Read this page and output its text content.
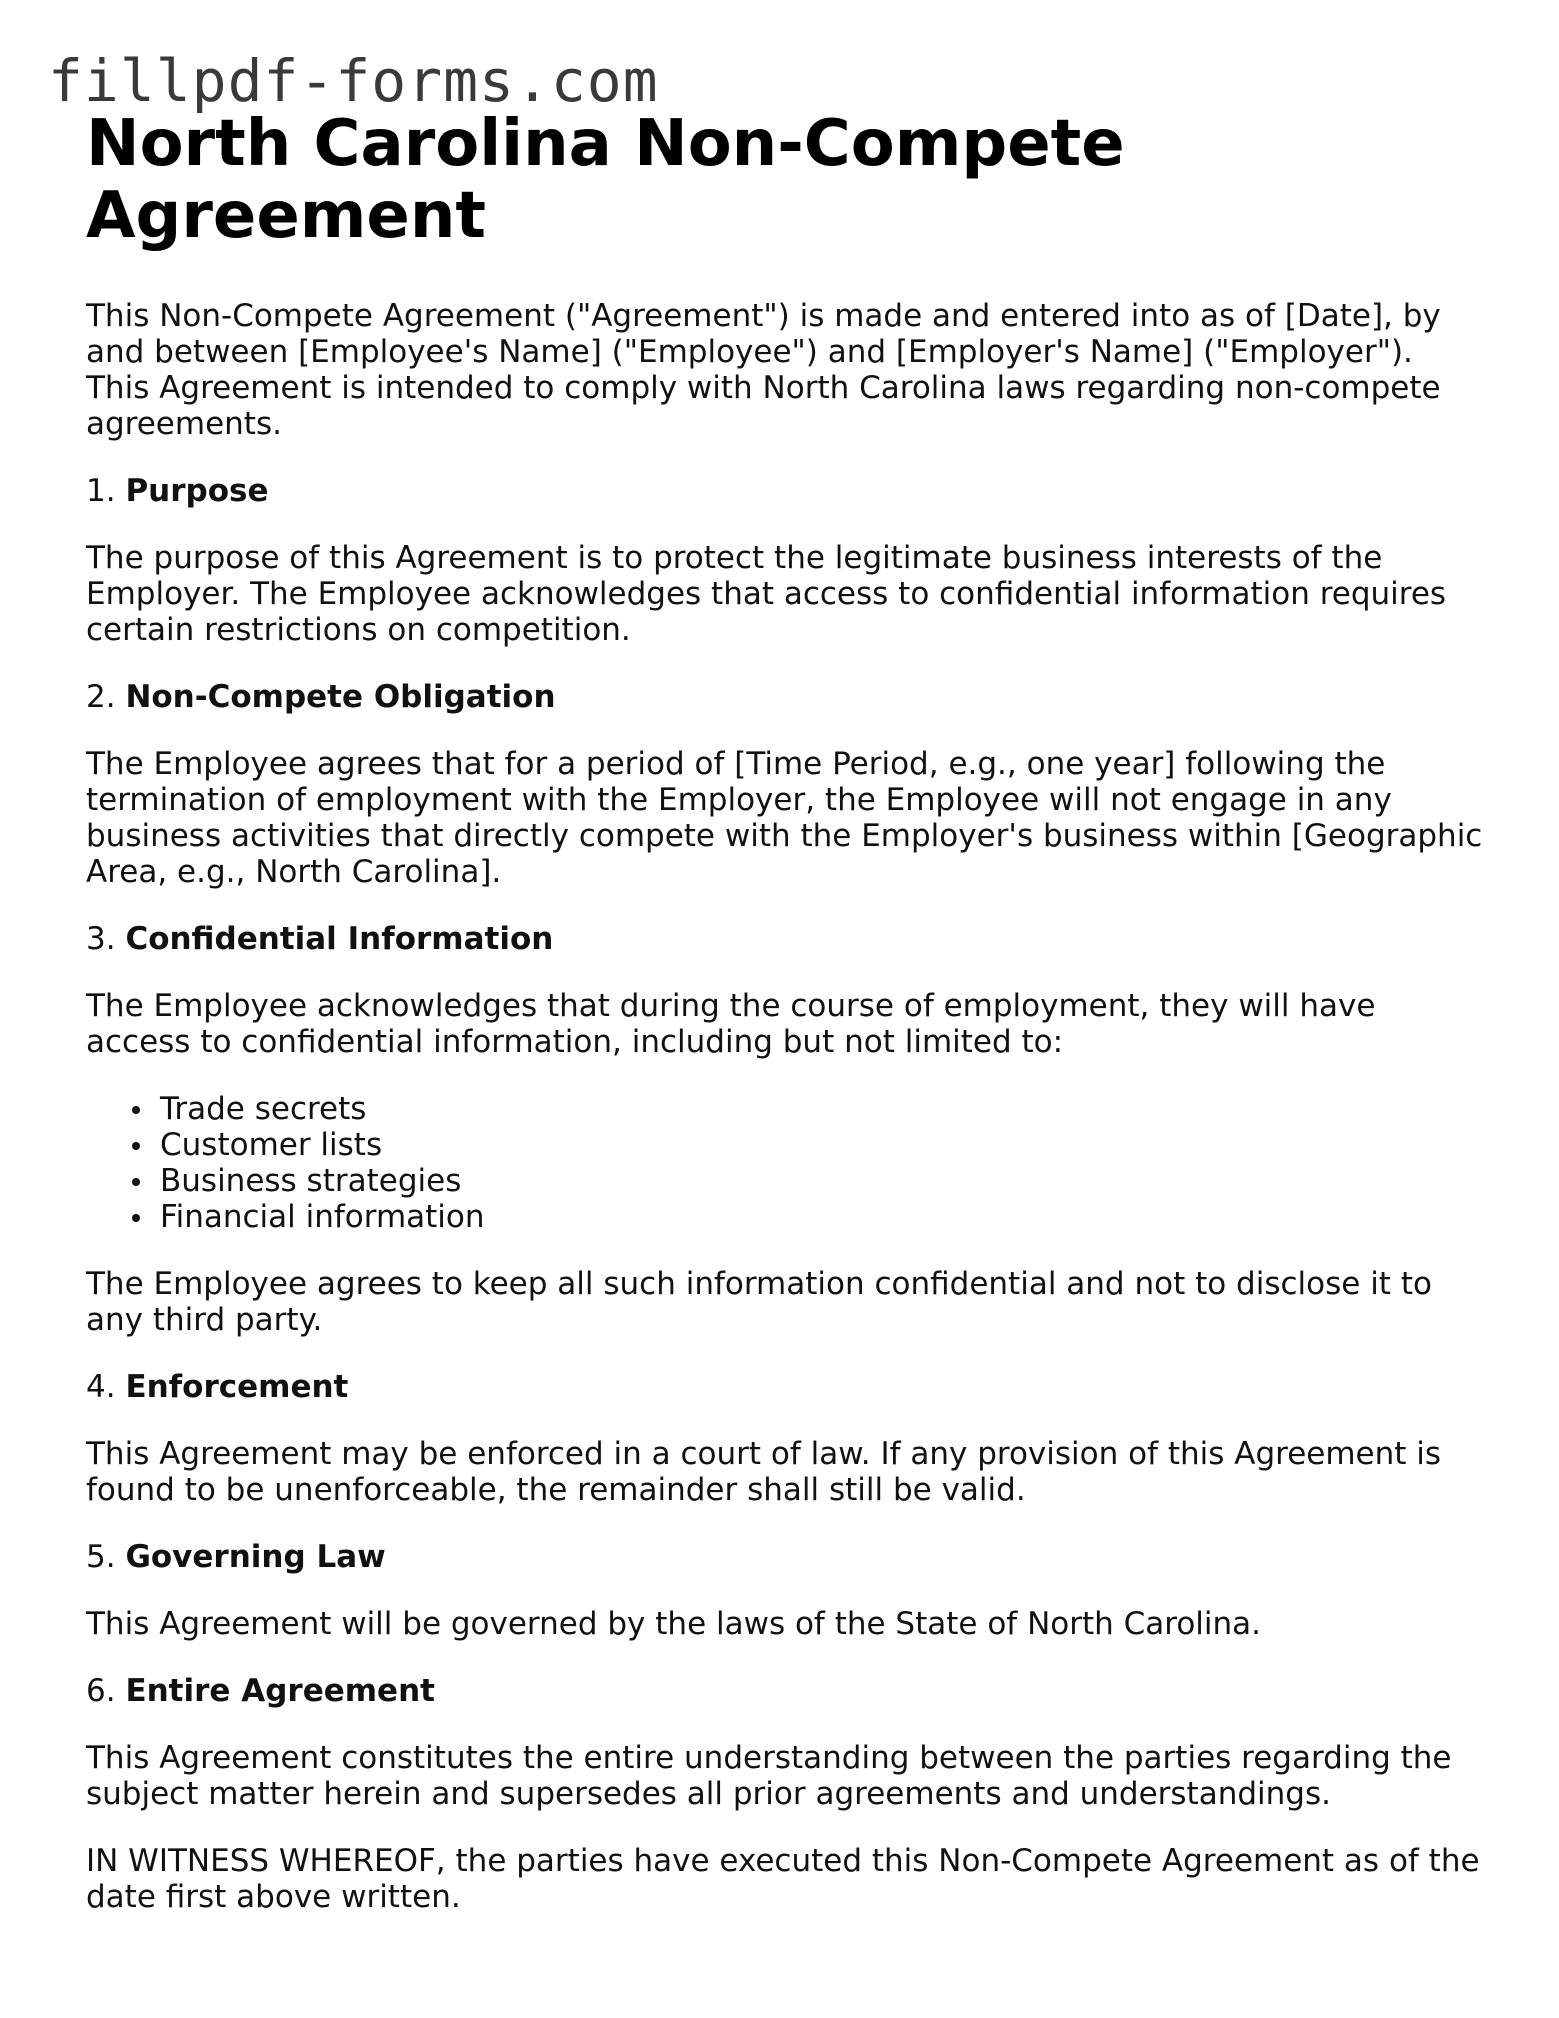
fillpdf-forms.com
North Carolina Non-Compete Agreement

This Non-Compete Agreement ("Agreement") is made and entered into as of [Date], by and between [Employee's Name] ("Employee") and [Employer's Name] ("Employer"). This Agreement is intended to comply with North Carolina laws regarding non-compete agreements.

1. Purpose

The purpose of this Agreement is to protect the legitimate business interests of the Employer. The Employee acknowledges that access to confidential information requires certain restrictions on competition.

2. Non-Compete Obligation

The Employee agrees that for a period of [Time Period, e.g., one year] following the termination of employment with the Employer, the Employee will not engage in any business activities that directly compete with the Employer's business within [Geographic Area, e.g., North Carolina].

3. Confidential Information

The Employee acknowledges that during the course of employment, they will have access to confidential information, including but not limited to:

Trade secrets
Customer lists
Business strategies
Financial information

The Employee agrees to keep all such information confidential and not to disclose it to any third party.

4. Enforcement

This Agreement may be enforced in a court of law. If any provision of this Agreement is found to be unenforceable, the remainder shall still be valid.

5. Governing Law

This Agreement will be governed by the laws of the State of North Carolina.

6. Entire Agreement

This Agreement constitutes the entire understanding between the parties regarding the subject matter herein and supersedes all prior agreements and understandings.

IN WITNESS WHEREOF, the parties have executed this Non-Compete Agreement as of the date first above written.
